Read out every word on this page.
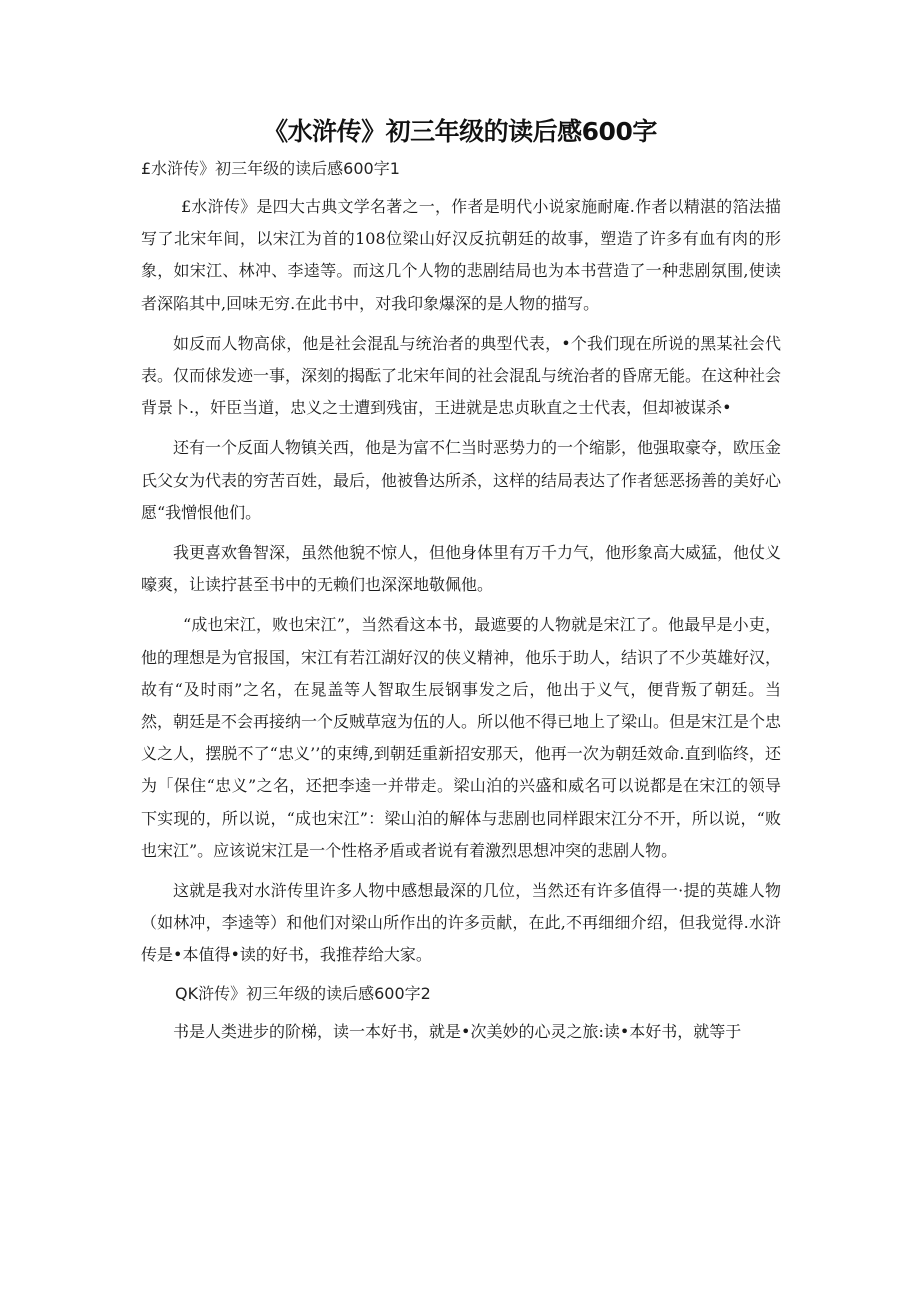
《水浒传》初三年级的读后感600字
£水浒传》初三年级的读后感600字1

£水浒传》是四大古典文学名著之一，作者是明代小说家施耐庵.作者以精湛的箔法描写了北宋年间，以宋江为首的108位梁山好汉反抗朝廷的故事，塑造了许多有血有肉的形象，如宋江、林冲、李逵等。而这几个人物的悲剧结局也为本书营造了一种悲剧氛围,使读者深陷其中,回味无穷.在此书中，对我印象爆深的是人物的描写。

如反而人物高俅，他是社会混乱与统治者的典型代表，•个我们现在所说的黑某社会代表。仅而俅发迹一事，深刻的揭酝了北宋年间的社会混乱与统治者的昏席无能。在这种社会背景卜.，奸臣当道，忠义之士遭到残宙，王进就是忠贞耿直之士代表，但却被谋杀•

还有一个反面人物镇关西，他是为富不仁当时恶势力的一个缩影，他强取豪夺，欧压金氏父女为代表的穷苦百姓，最后，他被鲁达所杀，这样的结局表达了作者惩恶扬善的美好心愿“我憎恨他们。

我更喜欢鲁智深，虽然他貌不惊人，但他身体里有万千力气，他形象高大威猛，他仗义嚎爽，让读拧甚至书中的无赖们也深深地敬佩他。

“成也宋江，败也宋江”，当然看这本书，最遮要的人物就是宋江了。他最早是小吏，他的理想是为官报国，宋江有若江湖好汉的侠义精神，他乐于助人，结识了不少英雄好汉，故有“及时雨”之名，在晁盖等人智取生辰钢事发之后，他出于义气，便背叛了朝廷。当然，朝廷是不会再接纳一个反贼草寇为伍的人。所以他不得已地上了梁山。但是宋江是个忠义之人，摆脱不了“忠义’’的束缚,到朝廷重新招安那天，他再一次为朝廷效命.直到临终，还为「保住“忠义”之名，还把李逵一并带走。梁山泊的兴盛和威名可以说都是在宋江的领导下实现的，所以说，“成也宋江”：梁山泊的解体与悲剧也同样跟宋江分不开，所以说，“败也宋江”。应该说宋江是一个性格矛盾或者说有着激烈思想冲突的悲剧人物。

这就是我对水浒传里许多人物中感想最深的几位，当然还有许多值得一·提的英雄人物（如林冲，李逵等）和他们对梁山所作出的许多贡献，在此,不再细细介绍，但我觉得.水浒传是•本值得•读的好书，我推荐给大家。

QK浒传》初三年级的读后感600字2

书是人类进步的阶梯，读一本好书，就是•次美妙的心灵之旅:读•本好书，就等于
